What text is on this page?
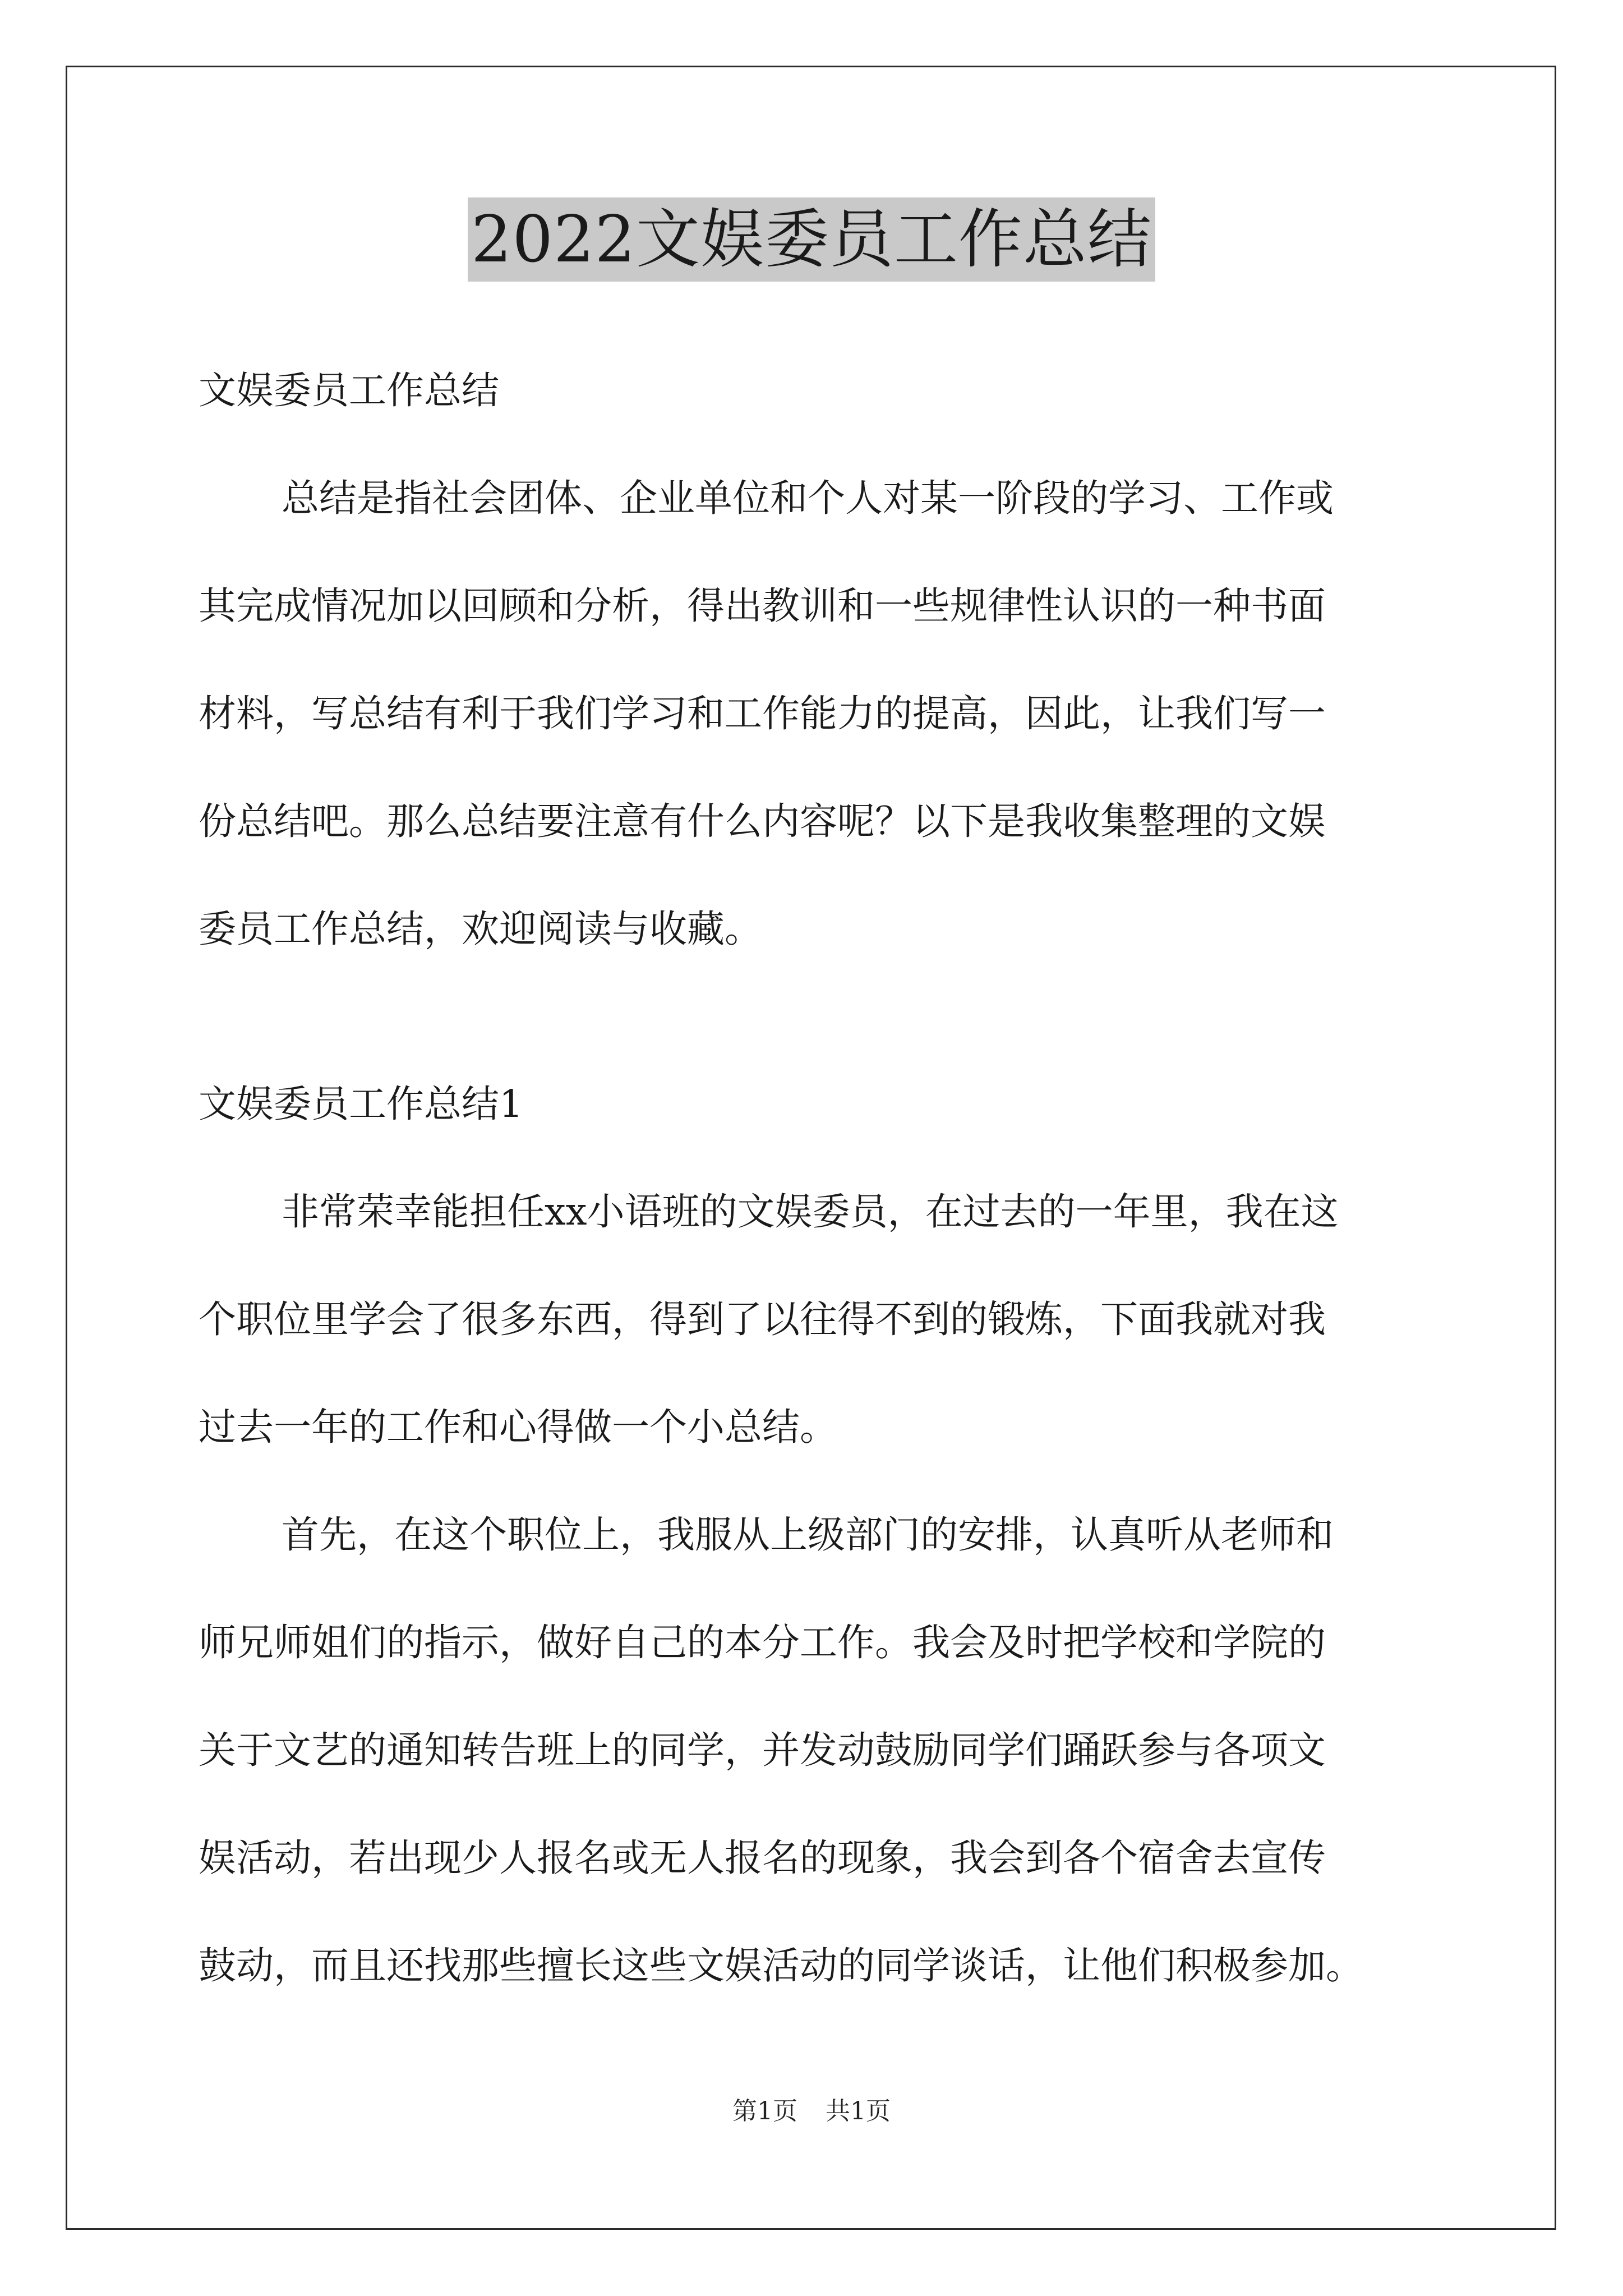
2022文娱委员工作总结
文娱委员工作总结
总结是指社会团体、企业单位和个人对某一阶段的学习、工作或
其完成情况加以回顾和分析，得出教训和一些规律性认识的一种书面
材料，写总结有利于我们学习和工作能力的提高，因此，让我们写一
份总结吧。那么总结要注意有什么内容呢？以下是我收集整理的文娱
委员工作总结，欢迎阅读与收藏。
文娱委员工作总结1
非常荣幸能担任xx小语班的文娱委员，在过去的一年里，我在这
个职位里学会了很多东西，得到了以往得不到的锻炼，下面我就对我
过去一年的工作和心得做一个小总结。
首先，在这个职位上，我服从上级部门的安排，认真听从老师和
师兄师姐们的指示，做好自己的本分工作。我会及时把学校和学院的
关于文艺的通知转告班上的同学，并发动鼓励同学们踊跃参与各项文
娱活动，若出现少人报名或无人报名的现象，我会到各个宿舍去宣传
鼓动，而且还找那些擅长这些文娱活动的同学谈话，让他们积极参加。
第1页 共1页
